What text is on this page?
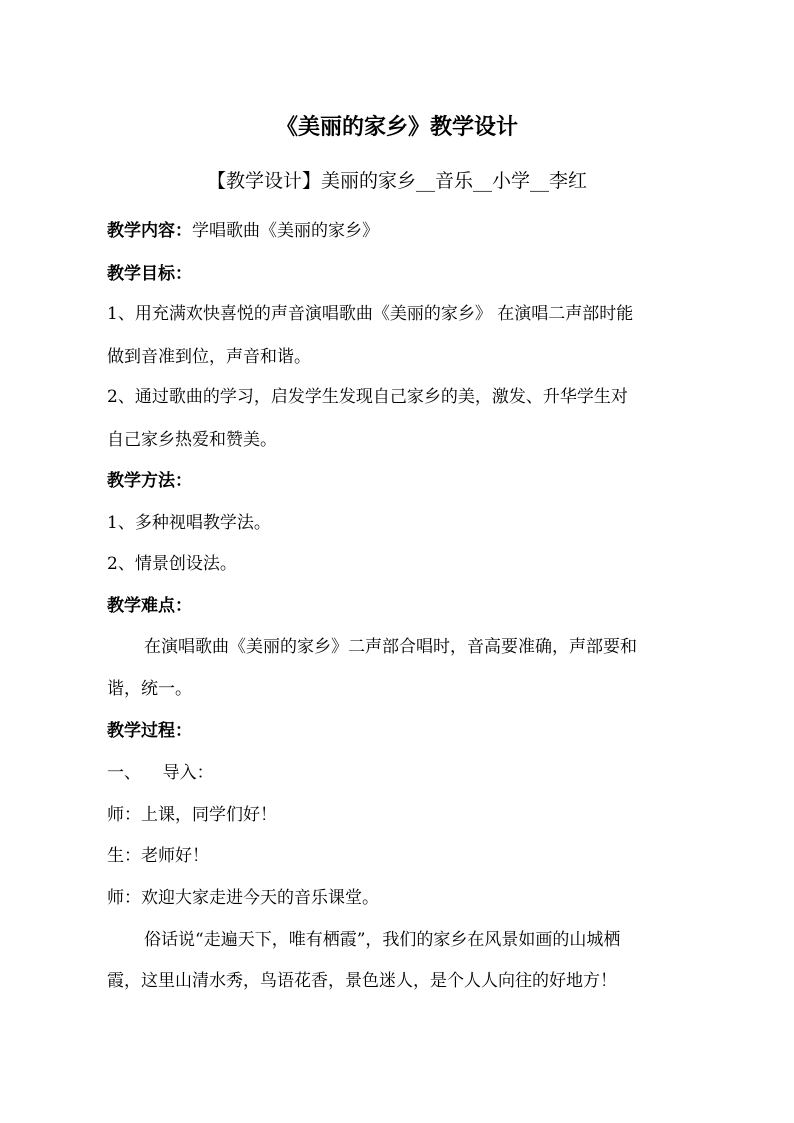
《美丽的家乡》教学设计
【教学设计】美丽的家乡__音乐__小学__李红
教学内容：学唱歌曲《美丽的家乡》
教学目标：
1、用充满欢快喜悦的声音演唱歌曲《美丽的家乡》 在演唱二声部时能
做到音准到位，声音和谐。
2、通过歌曲的学习，启发学生发现自己家乡的美，激发、升华学生对
自己家乡热爱和赞美。
教学方法：
1、多种视唱教学法。
2、情景创设法。
教学难点：
在演唱歌曲《美丽的家乡》二声部合唱时，音高要准确，声部要和
谐，统一。
教学过程：
一、    导入：
师：上课，同学们好！
生：老师好！
师：欢迎大家走进今天的音乐课堂。
俗话说“走遍天下，唯有栖霞”，我们的家乡在风景如画的山城栖
霞，这里山清水秀，鸟语花香，景色迷人，是个人人向往的好地方！
